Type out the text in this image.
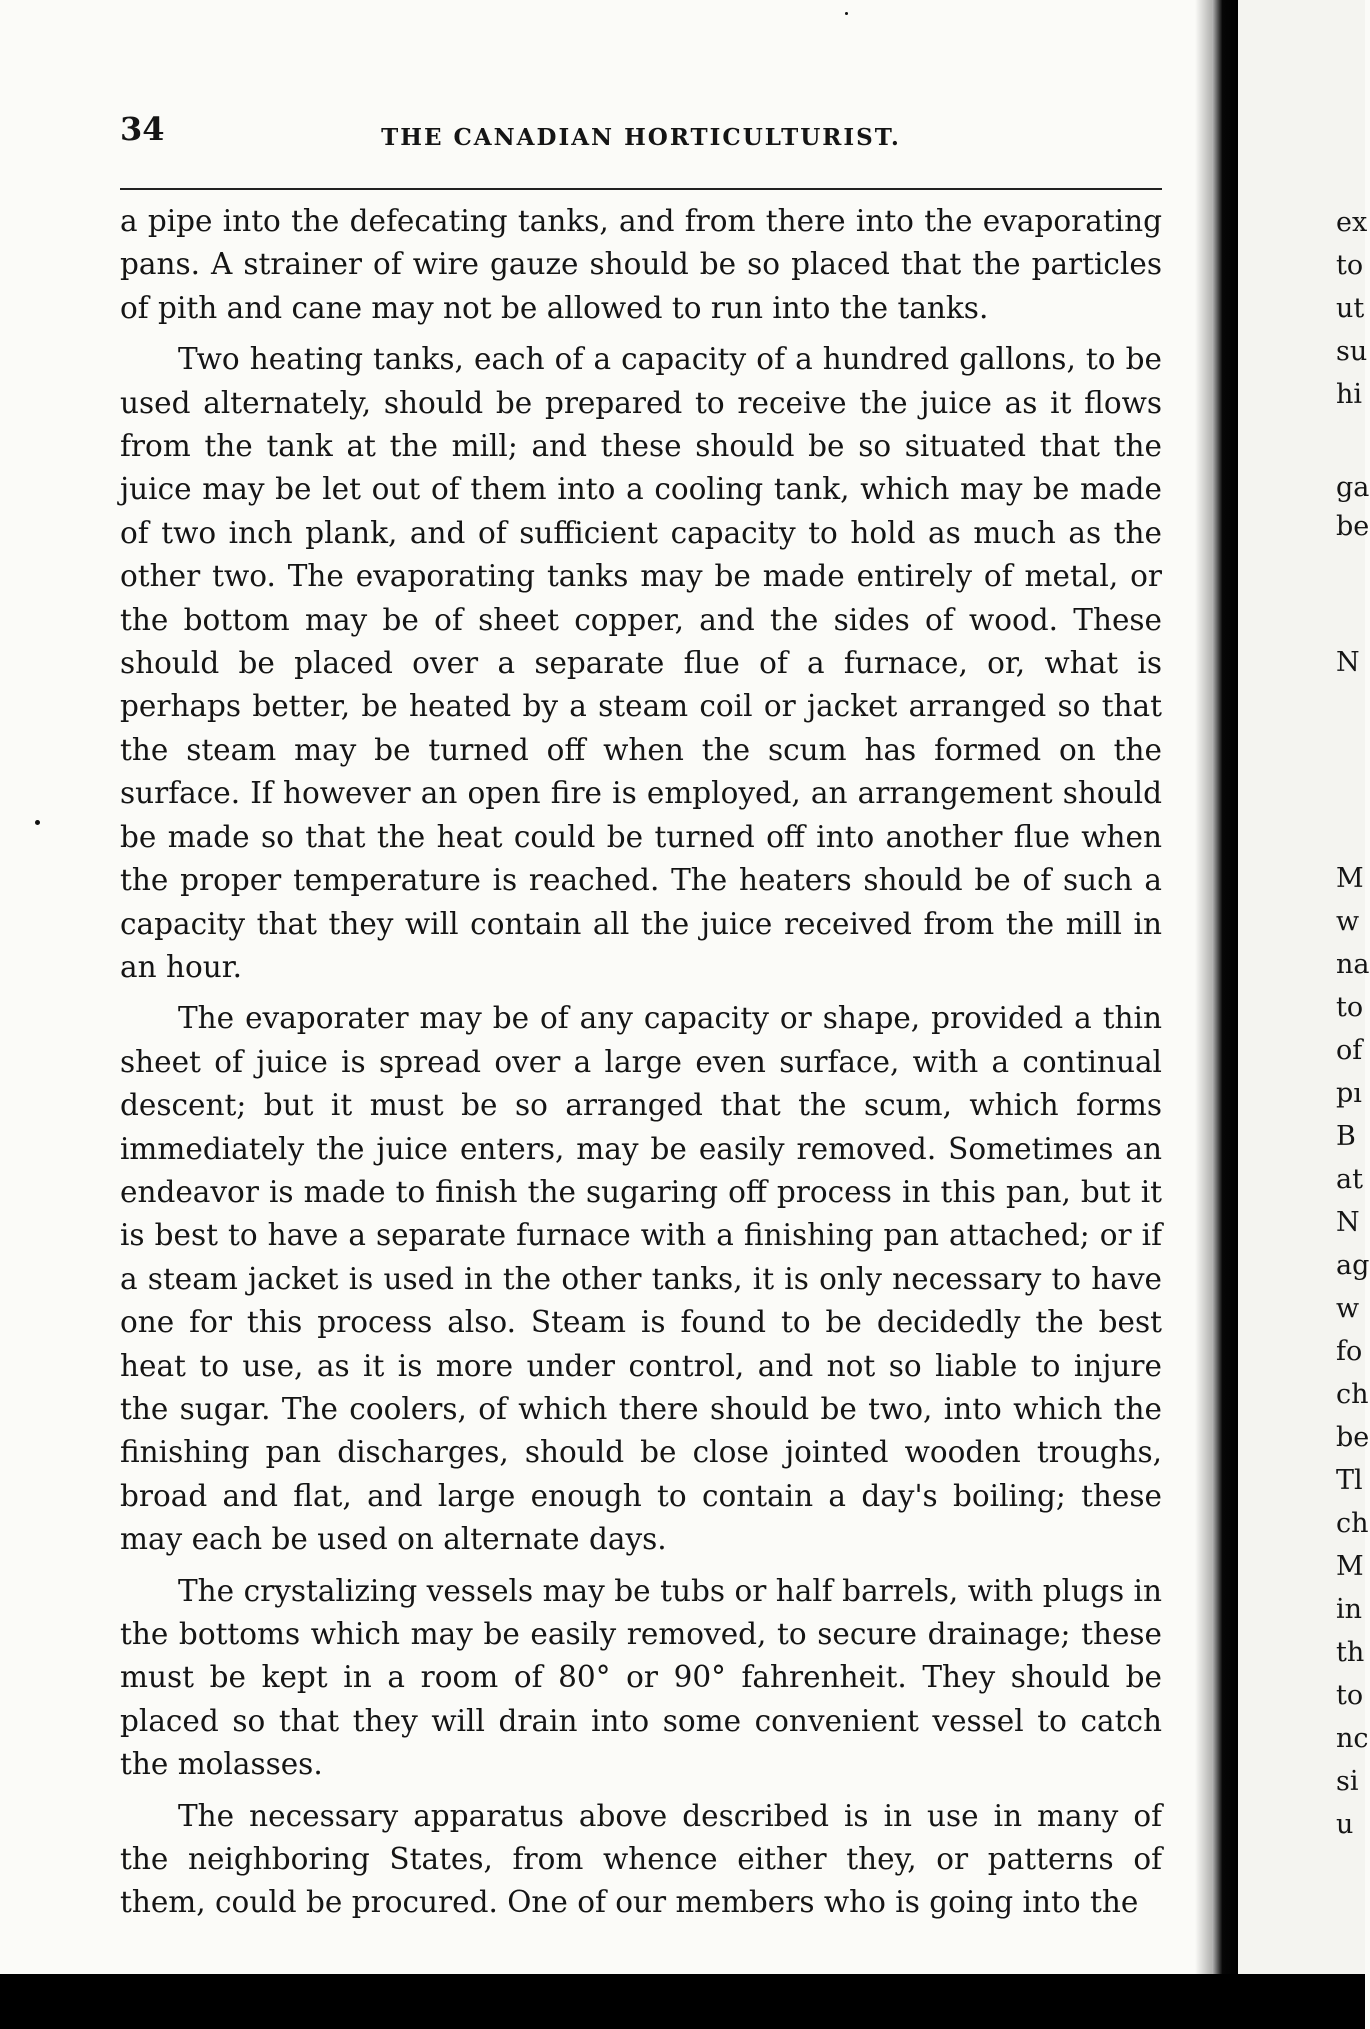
34	THE CANADIAN HORTICULTURIST.

a pipe into the defecating tanks, and from there into the evaporating pans. A strainer of wire gauze should be so placed that the particles of pith and cane may not be allowed to run into the tanks.

Two heating tanks, each of a capacity of a hundred gallons, to be used alternately, should be prepared to receive the juice as it flows from the tank at the mill; and these should be so situated that the juice may be let out of them into a cooling tank, which may be made of two inch plank, and of sufficient capacity to hold as much as the other two. The evaporating tanks may be made entirely of metal, or the bottom may be of sheet copper, and the sides of wood. These should be placed over a separate flue of a furnace, or, what is perhaps better, be heated by a steam coil or jacket arranged so that the steam may be turned off when the scum has formed on the surface. If however an open fire is employed, an arrangement should be made so that the heat could be turned off into another flue when the proper temperature is reached. The heaters should be of such a capacity that they will contain all the juice received from the mill in an hour.

The evaporater may be of any capacity or shape, provided a thin sheet of juice is spread over a large even surface, with a continual descent; but it must be so arranged that the scum, which forms immediately the juice enters, may be easily removed. Sometimes an endeavor is made to finish the sugaring off process in this pan, but it is best to have a separate furnace with a finishing pan attached; or if a steam jacket is used in the other tanks, it is only necessary to have one for this process also. Steam is found to be decidedly the best heat to use, as it is more under control, and not so liable to injure the sugar. The coolers, of which there should be two, into which the finishing pan discharges, should be close jointed wooden troughs, broad and flat, and large enough to contain a day's boiling; these may each be used on alternate days.

The crystalizing vessels may be tubs or half barrels, with plugs in the bottoms which may be easily removed, to secure drainage; these must be kept in a room of 80° or 90° fahrenheit. They should be placed so that they will drain into some convenient vessel to catch the molasses.

The necessary apparatus above described is in use in many of the neighboring States, from whence either they, or patterns of them, could be procured. One of our members who is going into the

ex
to
ut
su
hi
ga
be
N
M
w
na
to
of
pı
B
at
N
ag
w
fo
ch
be
Tl
ch
M
in
th
to
nc
si
u
